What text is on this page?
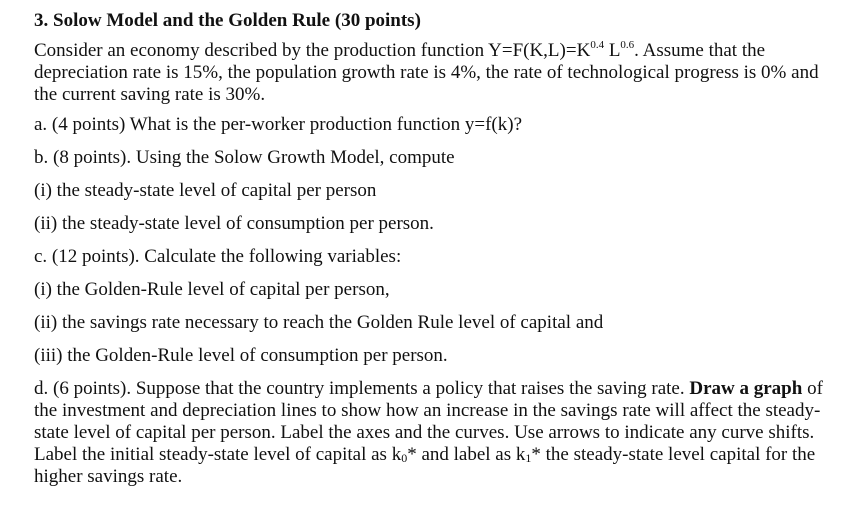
3. Solow Model and the Golden Rule (30 points)

Consider an economy described by the production function $Y=F(K,L)=K^{0.4}$ $L^{0.6}$. Assume that the depreciation rate is 15%, the population growth rate is 4%, the rate of technological progress is 0% and the current saving rate is 30%.

a. (4 points) What is the per-worker production function y=f(k)?

b. (8 points). Using the Solow Growth Model, compute

(i) the steady-state level of capital per person

(ii) the steady-state level of consumption per person.

c. (12 points). Calculate the following variables:

(i) the Golden-Rule level of capital per person,

(ii) the savings rate necessary to reach the Golden Rule level of capital and

(iii) the Golden-Rule level of consumption per person.

d. (6 points). Suppose that the country implements a policy that raises the saving rate. Draw a graph of the investment and depreciation lines to show how an increase in the savings rate will affect the steady-state level of capital per person. Label the axes and the curves. Use arrows to indicate any curve shifts. Label the initial steady-state level of capital as $k_0*$ and label as $k_1*$ the steady-state level capital for the higher savings rate.
